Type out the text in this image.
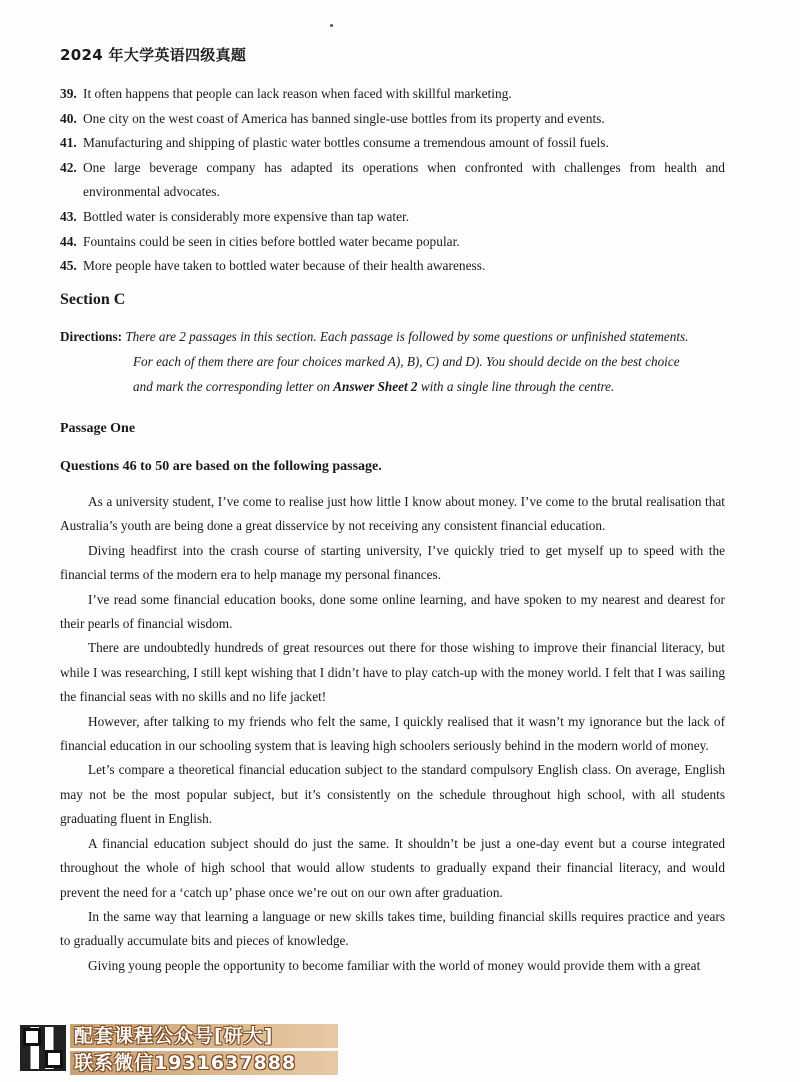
2024 年大学英语四级真题
39. It often happens that people can lack reason when faced with skillful marketing.
40. One city on the west coast of America has banned single-use bottles from its property and events.
41. Manufacturing and shipping of plastic water bottles consume a tremendous amount of fossil fuels.
42. One large beverage company has adapted its operations when confronted with challenges from health and environmental advocates.
43. Bottled water is considerably more expensive than tap water.
44. Fountains could be seen in cities before bottled water became popular.
45. More people have taken to bottled water because of their health awareness.
Section C
Directions: There are 2 passages in this section. Each passage is followed by some questions or unfinished statements.
For each of them there are four choices marked A), B), C) and D). You should decide on the best choice
and mark the corresponding letter on Answer Sheet 2 with a single line through the centre.
Passage One
Questions 46 to 50 are based on the following passage.

As a university student, I’ve come to realise just how little I know about money. I’ve come to the brutal realisation that Australia’s youth are being done a great disservice by not receiving any consistent financial education.

Diving headfirst into the crash course of starting university, I’ve quickly tried to get myself up to speed with the financial terms of the modern era to help manage my personal finances.

I’ve read some financial education books, done some online learning, and have spoken to my nearest and dearest for their pearls of financial wisdom.

There are undoubtedly hundreds of great resources out there for those wishing to improve their financial literacy, but while I was researching, I still kept wishing that I didn’t have to play catch-up with the money world. I felt that I was sailing the financial seas with no skills and no life jacket!

However, after talking to my friends who felt the same, I quickly realised that it wasn’t my ignorance but the lack of financial education in our schooling system that is leaving high schoolers seriously behind in the modern world of money.

Let’s compare a theoretical financial education subject to the standard compulsory English class. On average, English may not be the most popular subject, but it’s consistently on the schedule throughout high school, with all students graduating fluent in English.

A financial education subject should do just the same. It shouldn’t be just a one-day event but a course integrated throughout the whole of high school that would allow students to gradually expand their financial literacy, and would prevent the need for a ‘catch up’ phase once we’re out on our own after graduation.

In the same way that learning a language or new skills takes time, building financial skills requires practice and years to gradually accumulate bits and pieces of knowledge.

Giving young people the opportunity to become familiar with the world of money would provide them with a great

配套课程公众号[研大]
联系微信1931637888
